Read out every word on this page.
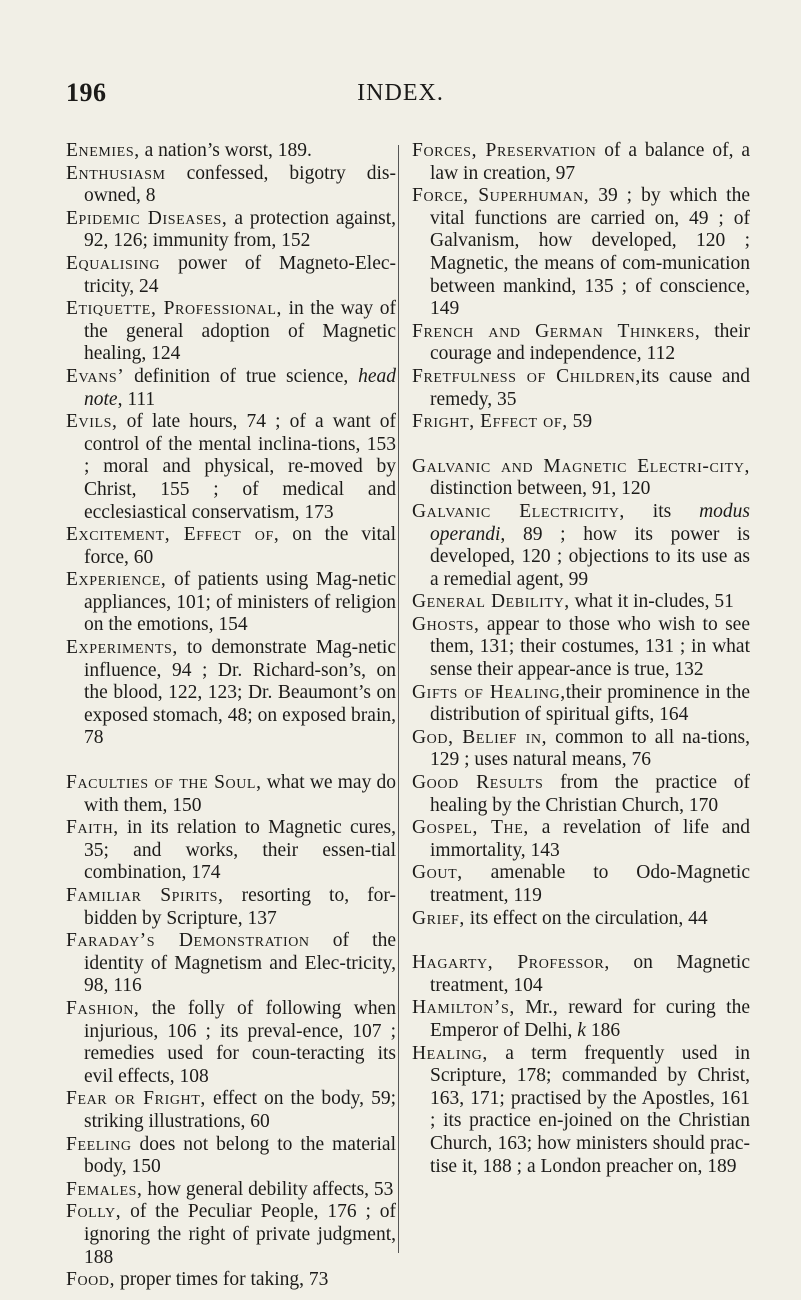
196	INDEX.

Enemies, a nation’s worst, 189.

Enthusiasm confessed, bigotry dis-owned, 8

Epidemic Diseases, a protection against, 92, 126; immunity from, 152

Equalising power of Magneto-Elec-tricity, 24

Etiquette, Professional, in the way of the general adoption of Magnetic healing, 124

Evans’ definition of true science, head note, 111

Evils, of late hours, 74 ; of a want of control of the mental inclina-tions, 153 ; moral and physical, re-moved by Christ, 155 ; of medical and ecclesiastical conservatism, 173

Excitement, Effect of, on the vital force, 60

Experience, of patients using Mag-netic appliances, 101; of ministers of religion on the emotions, 154

Experiments, to demonstrate Mag-netic influence, 94 ; Dr. Richard-son’s, on the blood, 122, 123; Dr. Beaumont’s on exposed stomach, 48; on exposed brain, 78

Faculties of the Soul, what we may do with them, 150

Faith, in its relation to Magnetic cures, 35; and works, their essen-tial combination, 174

Familiar Spirits, resorting to, for-bidden by Scripture, 137

Faraday’s Demonstration of the identity of Magnetism and Elec-tricity, 98, 116

Fashion, the folly of following when injurious, 106 ; its preval-ence, 107 ; remedies used for coun-teracting its evil effects, 108

Fear or Fright, effect on the body, 59; striking illustrations, 60

Feeling does not belong to the material body, 150

Females, how general debility affects, 53

Folly, of the Peculiar People, 176 ; of ignoring the right of private judgment, 188

Food, proper times for taking, 73

Forces, Preservation of a balance of, a law in creation, 97

Force, Superhuman, 39 ; by which the vital functions are carried on, 49 ; of Galvanism, how developed, 120 ; Magnetic, the means of com-munication between mankind, 135 ; of conscience, 149

French and German Thinkers, their courage and independence, 112

Fretfulness of Children,its cause and remedy, 35

Fright, Effect of, 59

Galvanic and Magnetic Electri-city, distinction between, 91, 120

Galvanic Electricity, its modus operandi, 89 ; how its power is developed, 120 ; objections to its use as a remedial agent, 99

General Debility, what it in-cludes, 51

Ghosts, appear to those who wish to see them, 131; their costumes, 131 ; in what sense their appear-ance is true, 132

Gifts of Healing,their prominence in the distribution of spiritual gifts, 164

God, Belief in, common to all na-tions, 129 ; uses natural means, 76

Good Results from the practice of healing by the Christian Church, 170

Gospel, The, a revelation of life and immortality, 143

Gout, amenable to Odo-Magnetic treatment, 119

Grief, its effect on the circulation, 44

Hagarty, Professor, on Magnetic treatment, 104

Hamilton’s, Mr., reward for curing the Emperor of Delhi, k 186

Healing, a term frequently used in Scripture, 178; commanded by Christ, 163, 171; practised by the Apostles, 161 ; its practice en-joined on the Christian Church, 163; how ministers should prac-tise it, 188 ; a London preacher on, 189
